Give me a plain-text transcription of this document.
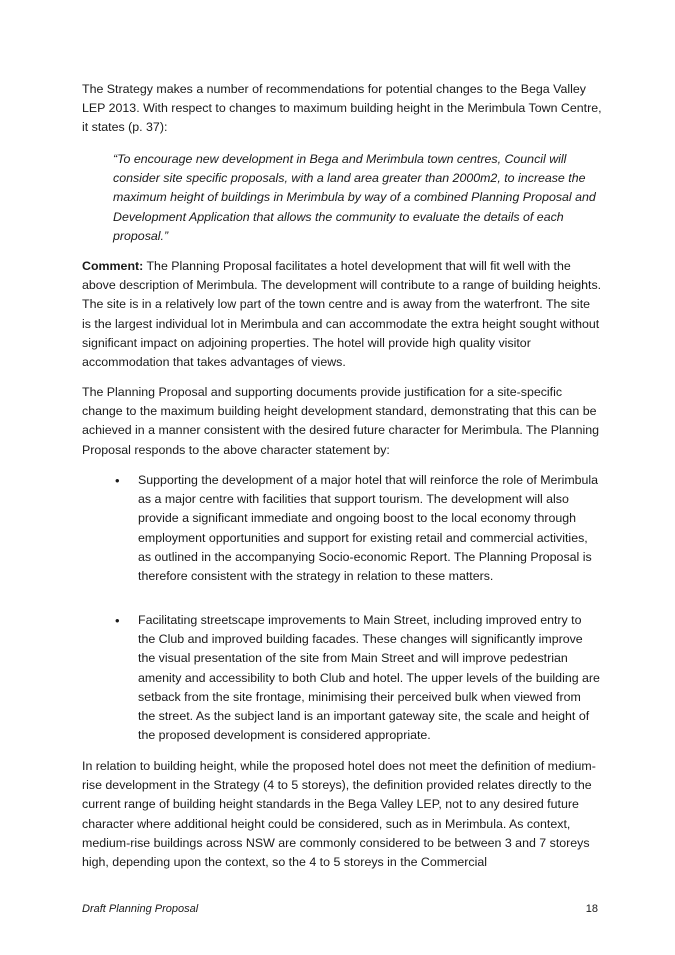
The Strategy makes a number of recommendations for potential changes to the Bega Valley LEP 2013. With respect to changes to maximum building height in the Merimbula Town Centre, it states (p. 37):

“To encourage new development in Bega and Merimbula town centres, Council will consider site specific proposals, with a land area greater than 2000m2, to increase the maximum height of buildings in Merimbula by way of a combined Planning Proposal and Development Application that allows the community to evaluate the details of each proposal.”

Comment: The Planning Proposal facilitates a hotel development that will fit well with the above description of Merimbula. The development will contribute to a range of building heights. The site is in a relatively low part of the town centre and is away from the waterfront. The site is the largest individual lot in Merimbula and can accommodate the extra height sought without significant impact on adjoining properties. The hotel will provide high quality visitor accommodation that takes advantages of views.

The Planning Proposal and supporting documents provide justification for a site-specific change to the maximum building height development standard, demonstrating that this can be achieved in a manner consistent with the desired future character for Merimbula. The Planning Proposal responds to the above character statement by:

• Supporting the development of a major hotel that will reinforce the role of Merimbula as a major centre with facilities that support tourism. The development will also provide a significant immediate and ongoing boost to the local economy through employment opportunities and support for existing retail and commercial activities, as outlined in the accompanying Socio-economic Report. The Planning Proposal is therefore consistent with the strategy in relation to these matters.

• Facilitating streetscape improvements to Main Street, including improved entry to the Club and improved building facades. These changes will significantly improve the visual presentation of the site from Main Street and will improve pedestrian amenity and accessibility to both Club and hotel. The upper levels of the building are setback from the site frontage, minimising their perceived bulk when viewed from the street. As the subject land is an important gateway site, the scale and height of the proposed development is considered appropriate.

In relation to building height, while the proposed hotel does not meet the definition of medium-rise development in the Strategy (4 to 5 storeys), the definition provided relates directly to the current range of building height standards in the Bega Valley LEP, not to any desired future character where additional height could be considered, such as in Merimbula. As context, medium-rise buildings across NSW are commonly considered to be between 3 and 7 storeys high, depending upon the context, so the 4 to 5 storeys in the Commercial

Draft Planning Proposal	18
